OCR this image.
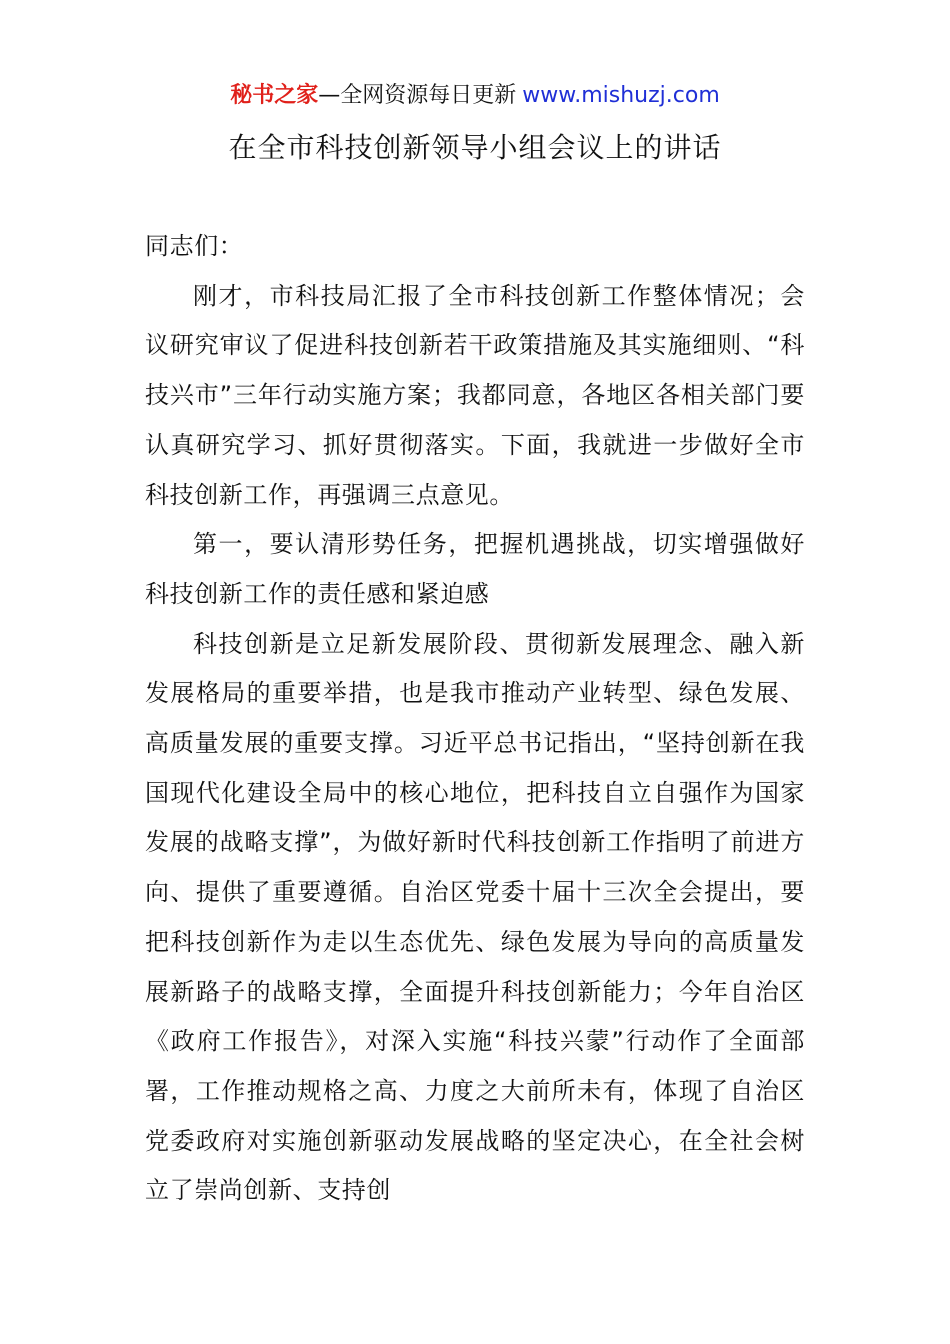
秘书之家—全网资源每日更新 www.mishuzj.com
在全市科技创新领导小组会议上的讲话

同志们：

刚才，市科技局汇报了全市科技创新工作整体情况；会议研究审议了促进科技创新若干政策措施及其实施细则、“科技兴市”三年行动实施方案；我都同意，各地区各相关部门要认真研究学习、抓好贯彻落实。下面，我就进一步做好全市科技创新工作，再强调三点意见。

第一，要认清形势任务，把握机遇挑战，切实增强做好科技创新工作的责任感和紧迫感

科技创新是立足新发展阶段、贯彻新发展理念、融入新发展格局的重要举措，也是我市推动产业转型、绿色发展、高质量发展的重要支撑。习近平总书记指出，“坚持创新在我国现代化建设全局中的核心地位，把科技自立自强作为国家发展的战略支撑”，为做好新时代科技创新工作指明了前进方向、提供了重要遵循。自治区党委十届十三次全会提出，要把科技创新作为走以生态优先、绿色发展为导向的高质量发展新路子的战略支撑，全面提升科技创新能力；今年自治区《政府工作报告》，对深入实施“科技兴蒙”行动作了全面部署，工作推动规格之高、力度之大前所未有，体现了自治区党委政府对实施创新驱动发展战略的坚定决心，在全社会树立了崇尚创新、支持创
